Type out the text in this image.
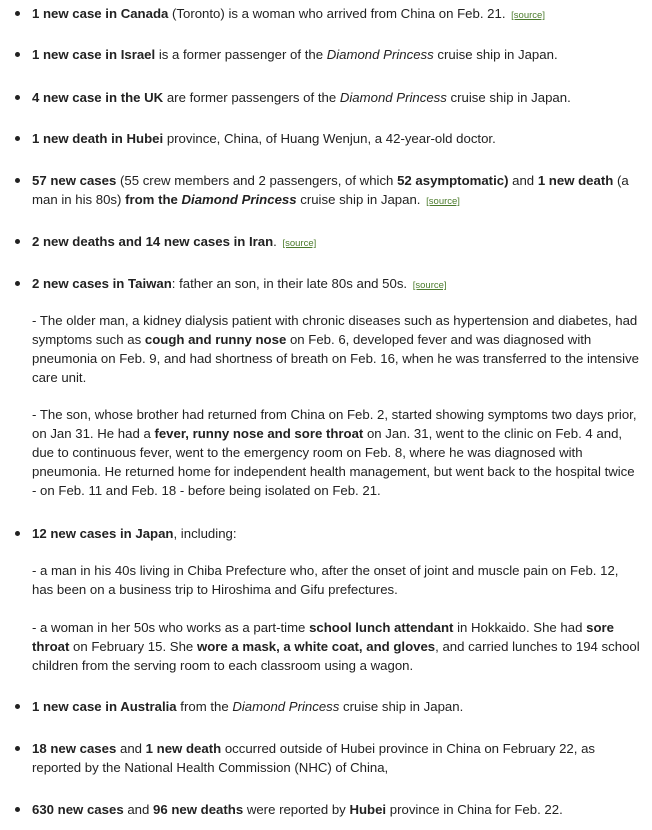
1 new case in Canada (Toronto) is a woman who arrived from China on Feb. 21. [source]
1 new case in Israel is a former passenger of the Diamond Princess cruise ship in Japan.
4 new case in the UK are former passengers of the Diamond Princess cruise ship in Japan.
1 new death in Hubei province, China, of Huang Wenjun, a 42-year-old doctor.
57 new cases (55 crew members and 2 passengers, of which 52 asymptomatic) and 1 new death (a man in his 80s) from the Diamond Princess cruise ship in Japan. [source]
2 new deaths and 14 new cases in Iran. [source]
2 new cases in Taiwan: father an son, in their late 80s and 50s. [source]
- The older man, a kidney dialysis patient with chronic diseases such as hypertension and diabetes, had symptoms such as cough and runny nose on Feb. 6, developed fever and was diagnosed with pneumonia on Feb. 9, and had shortness of breath on Feb. 16, when he was transferred to the intensive care unit.
- The son, whose brother had returned from China on Feb. 2, started showing symptoms two days prior, on Jan 31. He had a fever, runny nose and sore throat on Jan. 31, went to the clinic on Feb. 4 and, due to continuous fever, went to the emergency room on Feb. 8, where he was diagnosed with pneumonia. He returned home for independent health management, but went back to the hospital twice - on Feb. 11 and Feb. 18 - before being isolated on Feb. 21.
12 new cases in Japan, including:
- a man in his 40s living in Chiba Prefecture who, after the onset of joint and muscle pain on Feb. 12, has been on a business trip to Hiroshima and Gifu prefectures.
- a woman in her 50s who works as a part-time school lunch attendant in Hokkaido. She had sore throat on February 15. She wore a mask, a white coat, and gloves, and carried lunches to 194 school children from the serving room to each classroom using a wagon.
1 new case in Australia from the Diamond Princess cruise ship in Japan.
18 new cases and 1 new death occurred outside of Hubei province in China on February 22, as reported by the National Health Commission (NHC) of China,
630 new cases and 96 new deaths were reported by Hubei province in China for Feb. 22.
